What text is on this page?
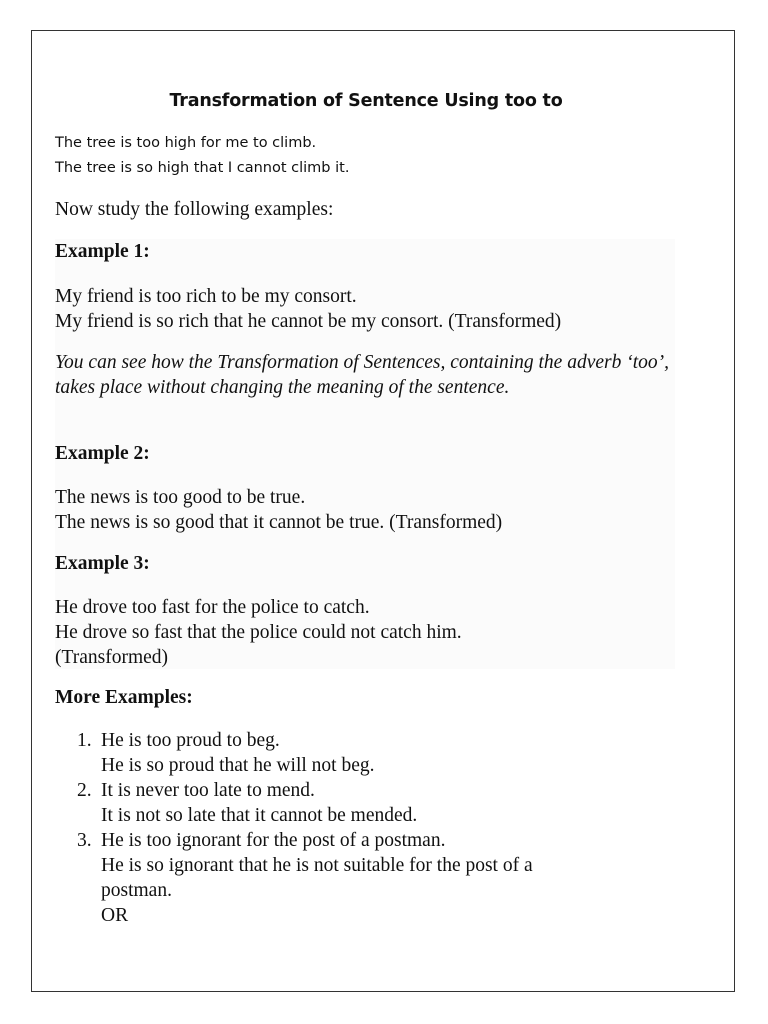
Transformation of Sentence Using too to
The tree is too high for me to climb.
The tree is so high that I cannot climb it.
Now study the following examples:
Example 1:
My friend is too rich to be my consort.
My friend is so rich that he cannot be my consort. (Transformed)
You can see how the Transformation of Sentences, containing the adverb ‘too’, takes place without changing the meaning of the sentence.
Example 2:
The news is too good to be true.
The news is so good that it cannot be true. (Transformed)
Example 3:
He drove too fast for the police to catch.
He drove so fast that the police could not catch him.
(Transformed)
More Examples:
1. He is too proud to beg.
He is so proud that he will not beg.
2. It is never too late to mend.
It is not so late that it cannot be mended.
3. He is too ignorant for the post of a postman.
He is so ignorant that he is not suitable for the post of a
postman.
OR
